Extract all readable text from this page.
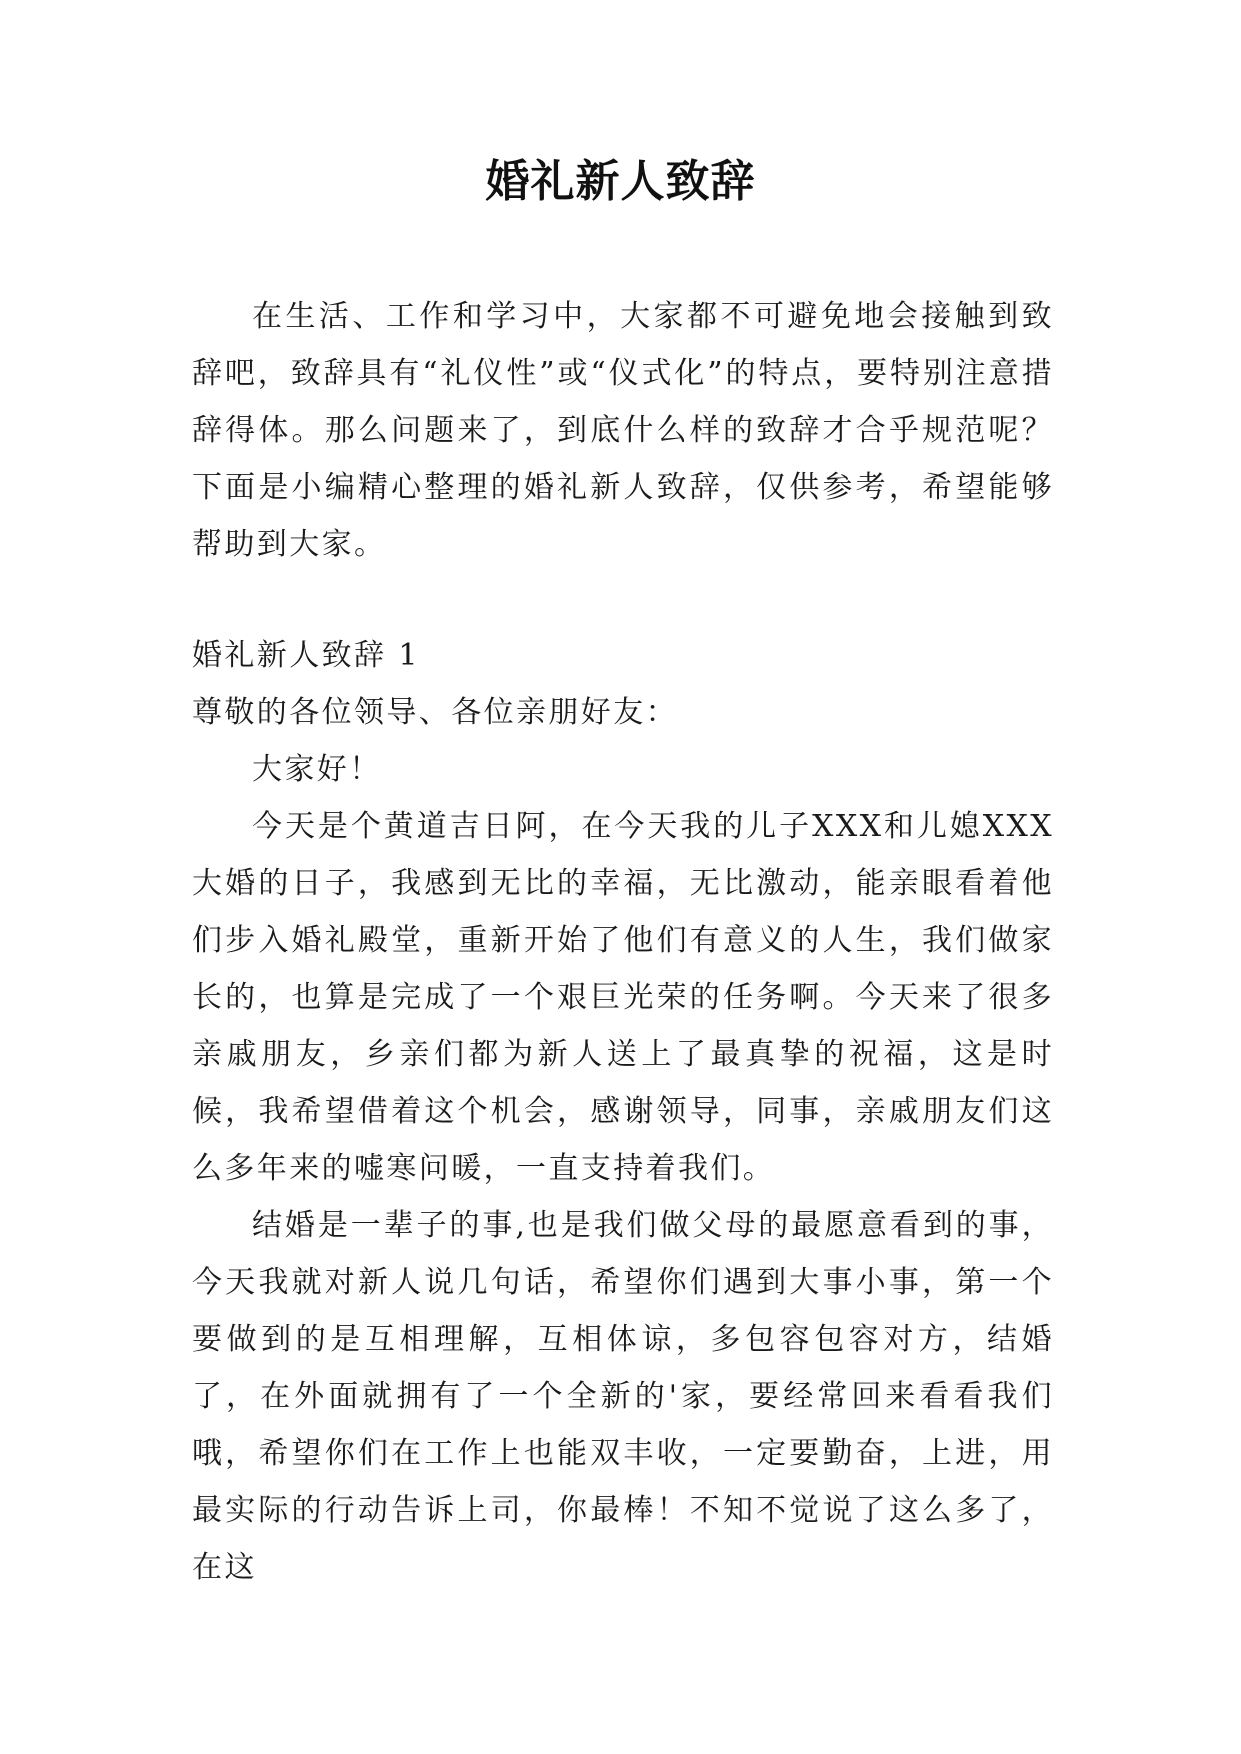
婚礼新人致辞

在生活、工作和学习中，大家都不可避免地会接触到致辞吧，致辞具有“礼仪性”或“仪式化”的特点，要特别注意措辞得体。那么问题来了，到底什么样的致辞才合乎规范呢？下面是小编精心整理的婚礼新人致辞，仅供参考，希望能够帮助到大家。

婚礼新人致辞 1

尊敬的各位领导、各位亲朋好友：

大家好！

今天是个黄道吉日阿，在今天我的儿子XXX和儿媳XXX大婚的日子，我感到无比的幸福，无比激动，能亲眼看着他们步入婚礼殿堂，重新开始了他们有意义的人生，我们做家长的，也算是完成了一个艰巨光荣的任务啊。今天来了很多亲戚朋友，乡亲们都为新人送上了最真挚的祝福，这是时候，我希望借着这个机会，感谢领导，同事，亲戚朋友们这么多年来的嘘寒问暖，一直支持着我们。

结婚是一辈子的事,也是我们做父母的最愿意看到的事，今天我就对新人说几句话，希望你们遇到大事小事，第一个要做到的是互相理解，互相体谅，多包容包容对方，结婚了，在外面就拥有了一个全新的'家，要经常回来看看我们哦，希望你们在工作上也能双丰收，一定要勤奋，上进，用最实际的行动告诉上司，你最棒！不知不觉说了这么多了，在这
